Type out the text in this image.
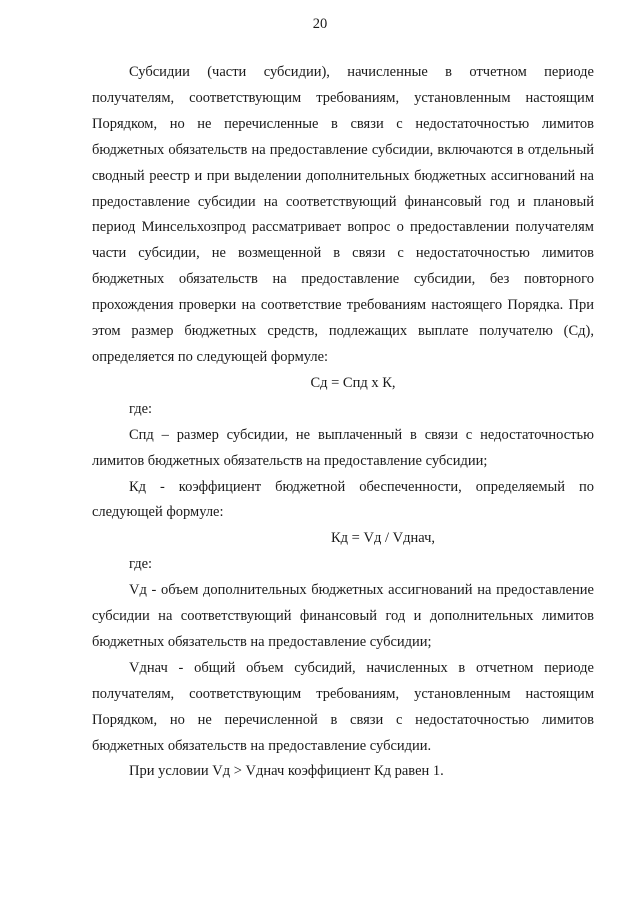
20

Субсидии (части субсидии), начисленные в отчетном периоде получателям, соответствующим требованиям, установленным настоящим Порядком, но не перечисленные в связи с недостаточностью лимитов бюджетных обязательств на предоставление субсидии, включаются в отдельный сводный реестр и при выделении дополнительных бюджетных ассигнований на предоставление субсидии на соответствующий финансовый год и плановый период Минсельхозпрод рассматривает вопрос о предоставлении получателям части субсидии, не возмещенной в связи с недостаточностью лимитов бюджетных обязательств на предоставление субсидии, без повторного прохождения проверки на соответствие требованиям настоящего Порядка. При этом размер бюджетных средств, подлежащих выплате получателю (Сд), определяется по следующей формуле:

Сд = Спд x К,

где:

Спд – размер субсидии, не выплаченный в связи с недостаточностью лимитов бюджетных обязательств на предоставление субсидии;

Кд - коэффициент бюджетной обеспеченности, определяемый по следующей формуле:

Кд = Vд / Vднач,

где:

Vд - объем дополнительных бюджетных ассигнований на предоставление субсидии на соответствующий финансовый год и дополнительных лимитов бюджетных обязательств на предоставление субсидии;

Vднач - общий объем субсидий, начисленных в отчетном периоде получателям, соответствующим требованиям, установленным настоящим Порядком, но не перечисленной в связи с недостаточностью лимитов бюджетных обязательств на предоставление субсидии.

При условии Vд > Vднач коэффициент Кд равен 1.
